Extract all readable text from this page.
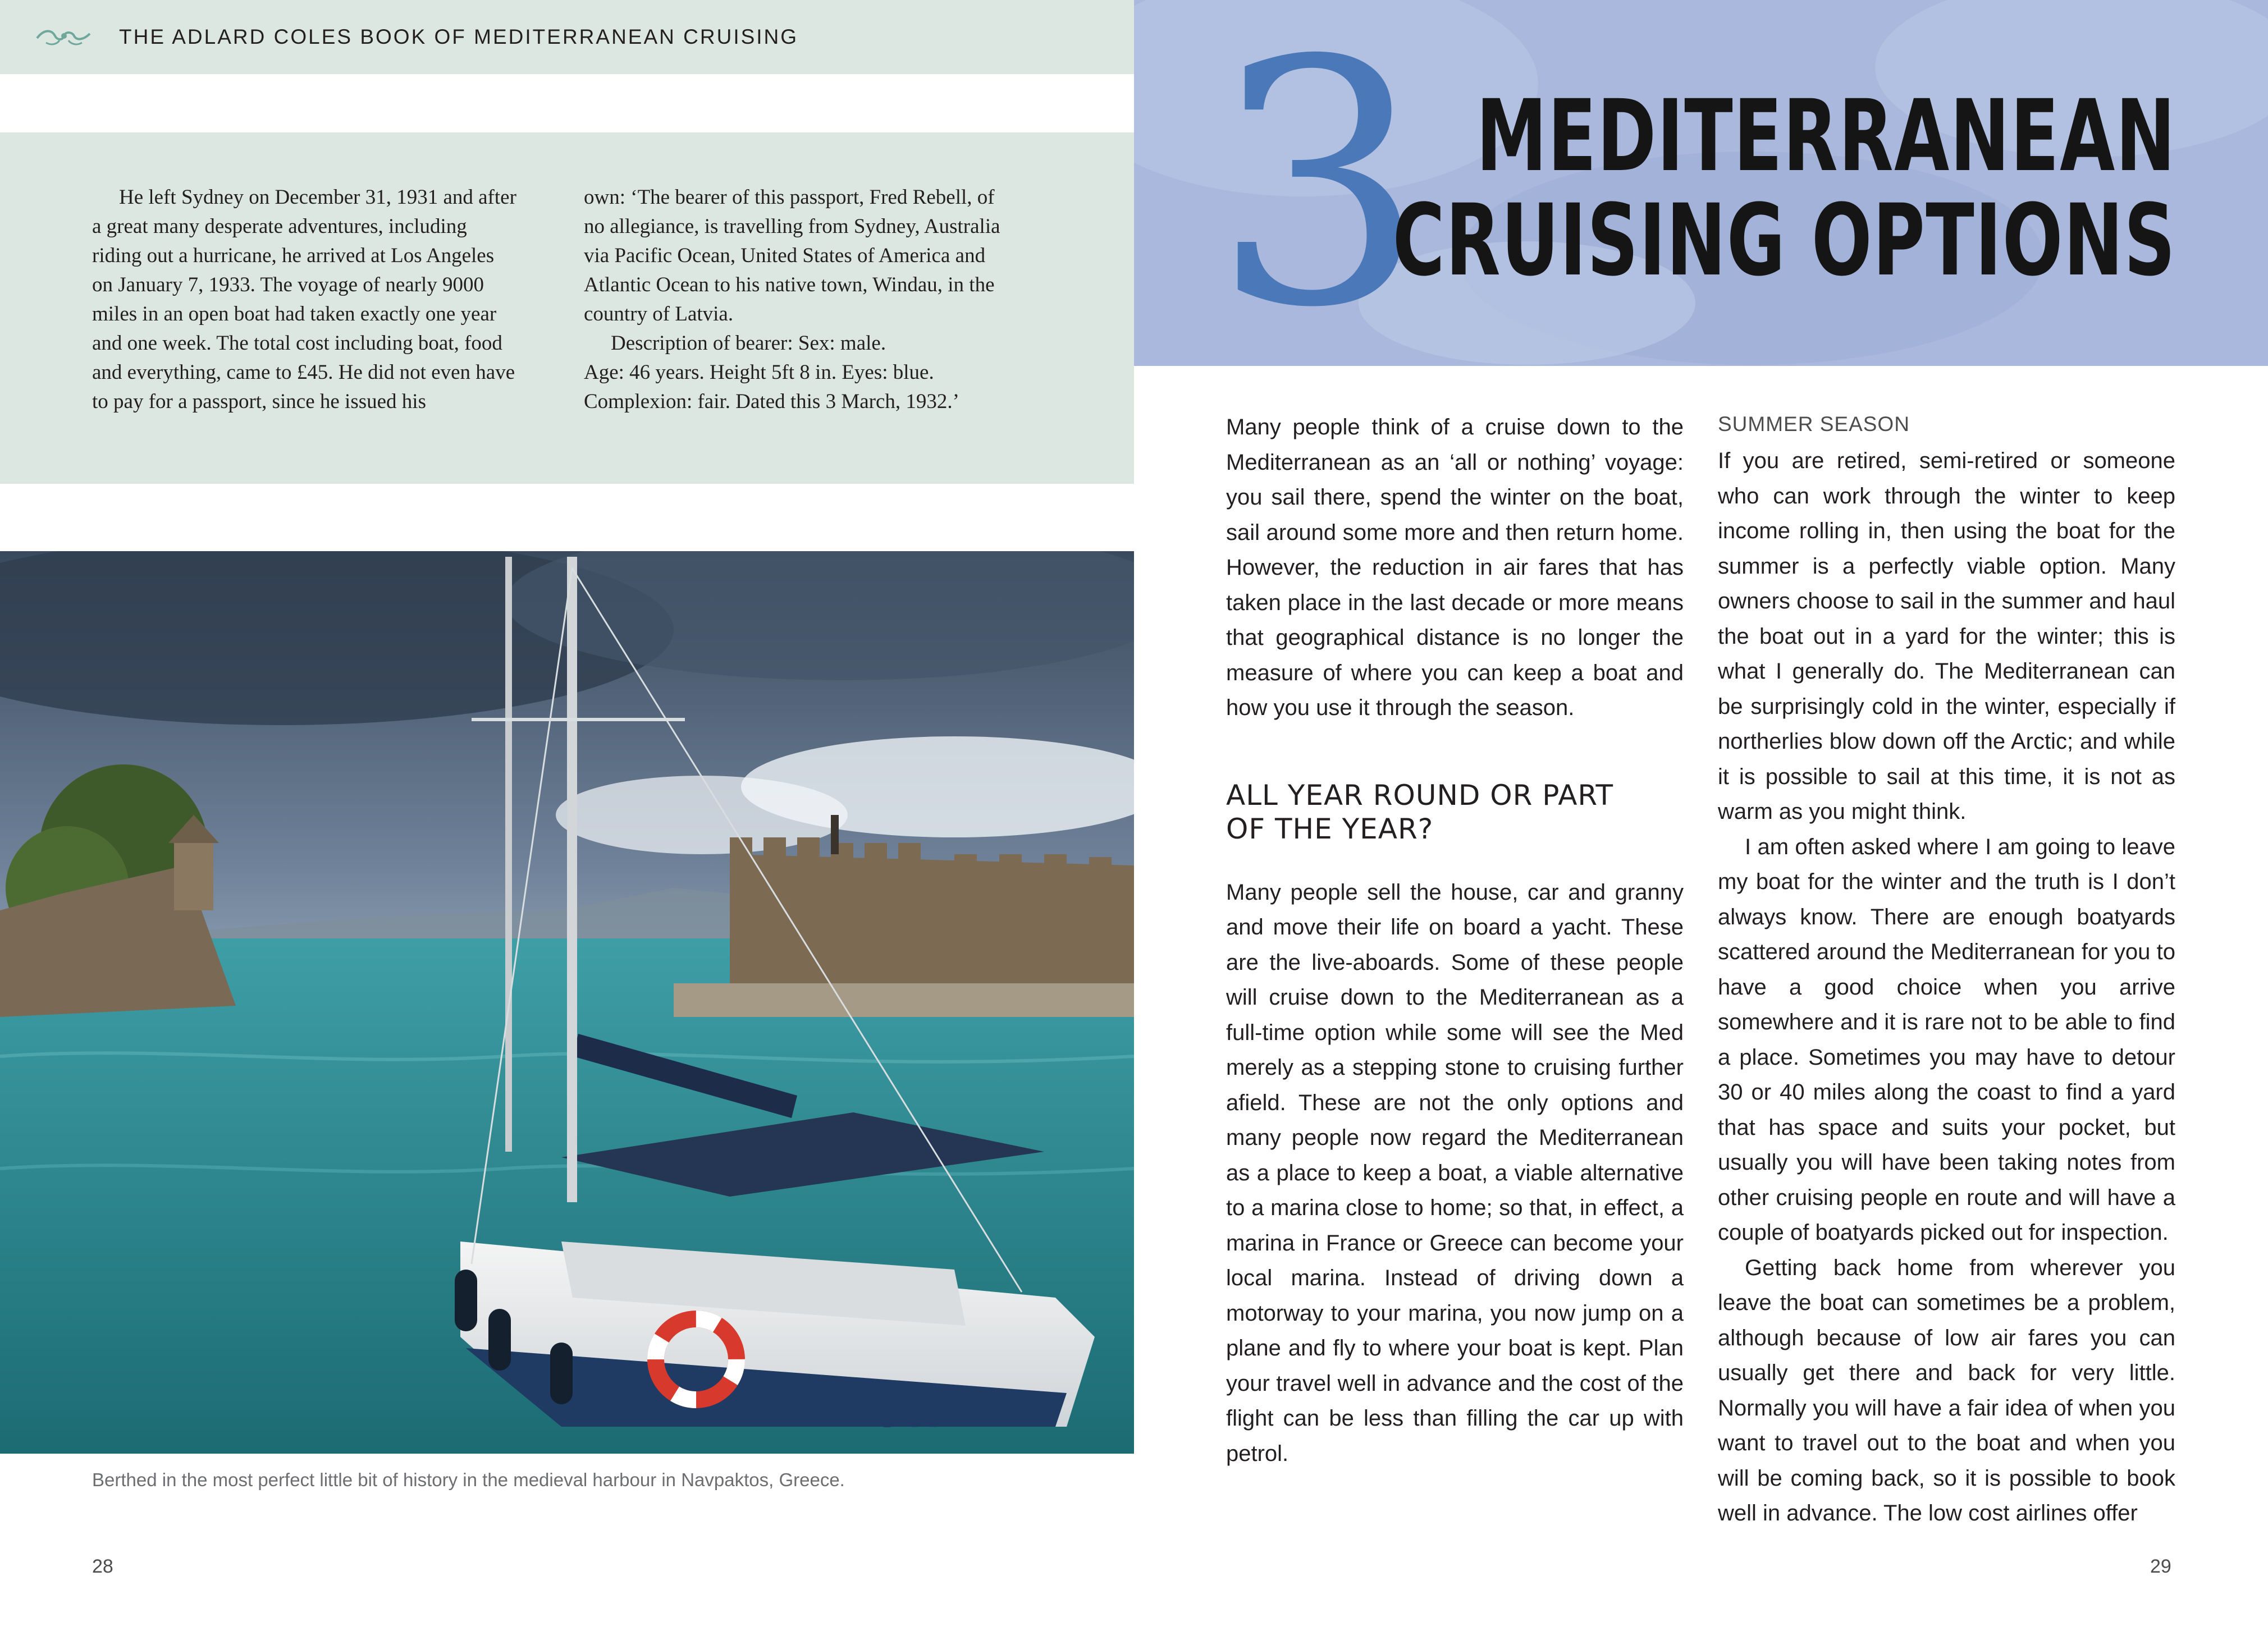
THE ADLARD COLES BOOK OF MEDITERRANEAN CRUISING

He left Sydney on December 31, 1931 and after a great many desperate adventures, including riding out a hurricane, he arrived at Los Angeles on January 7, 1933. The voyage of nearly 9000 miles in an open boat had taken exactly one year and one week. The total cost including boat, food and everything, came to £45. He did not even have to pay for a passport, since he issued his

own: ‘The bearer of this passport, Fred Rebell, of no allegiance, is travelling from Sydney, Australia via Pacific Ocean, United States of America and Atlantic Ocean to his native town, Windau, in the country of Latvia.

Description of bearer: Sex: male.

Age: 46 years. Height 5ft 8 in. Eyes: blue.

Complexion: fair. Dated this 3 March, 1932.’

SIAM
Berthed in the most perfect little bit of history in the medieval harbour in Navpaktos, Greece.
28
3 MEDITERRANEAN
CRUISING OPTIONS

Many people think of a cruise down to the Mediterranean as an ‘all or nothing’ voyage: you sail there, spend the winter on the boat, sail around some more and then return home. However, the reduction in air fares that has taken place in the last decade or more means that geographical distance is no longer the measure of where you can keep a boat and how you use it through the season.

ALL YEAR ROUND OR PART
OF THE YEAR?

Many people sell the house, car and granny and move their life on board a yacht. These are the live-aboards. Some of these people will cruise down to the Mediterranean as a full-time option while some will see the Med merely as a stepping stone to cruising further afield. These are not the only options and many people now regard the Mediterranean as a place to keep a boat, a viable alternative to a marina close to home; so that, in effect, a marina in France or Greece can become your local marina. Instead of driving down a motorway to your marina, you now jump on a plane and fly to where your boat is kept. Plan your travel well in advance and the cost of the flight can be less than filling the car up with petrol.

SUMMER SEASON

If you are retired, semi-retired or someone who can work through the winter to keep income rolling in, then using the boat for the summer is a perfectly viable option. Many owners choose to sail in the summer and haul the boat out in a yard for the winter; this is what I generally do. The Mediterranean can be surprisingly cold in the winter, especially if northerlies blow down off the Arctic; and while it is possible to sail at this time, it is not as warm as you might think.

I am often asked where I am going to leave my boat for the winter and the truth is I don’t always know. There are enough boatyards scattered around the Mediterranean for you to have a good choice when you arrive somewhere and it is rare not to be able to find a place. Sometimes you may have to detour 30 or 40 miles along the coast to find a yard that has space and suits your pocket, but usually you will have been taking notes from other cruising people en route and will have a couple of boatyards picked out for inspection.

Getting back home from wherever you leave the boat can sometimes be a problem, although because of low air fares you can usually get there and back for very little. Normally you will have a fair idea of when you want to travel out to the boat and when you will be coming back, so it is possible to book well in advance. The low cost airlines offer

29
